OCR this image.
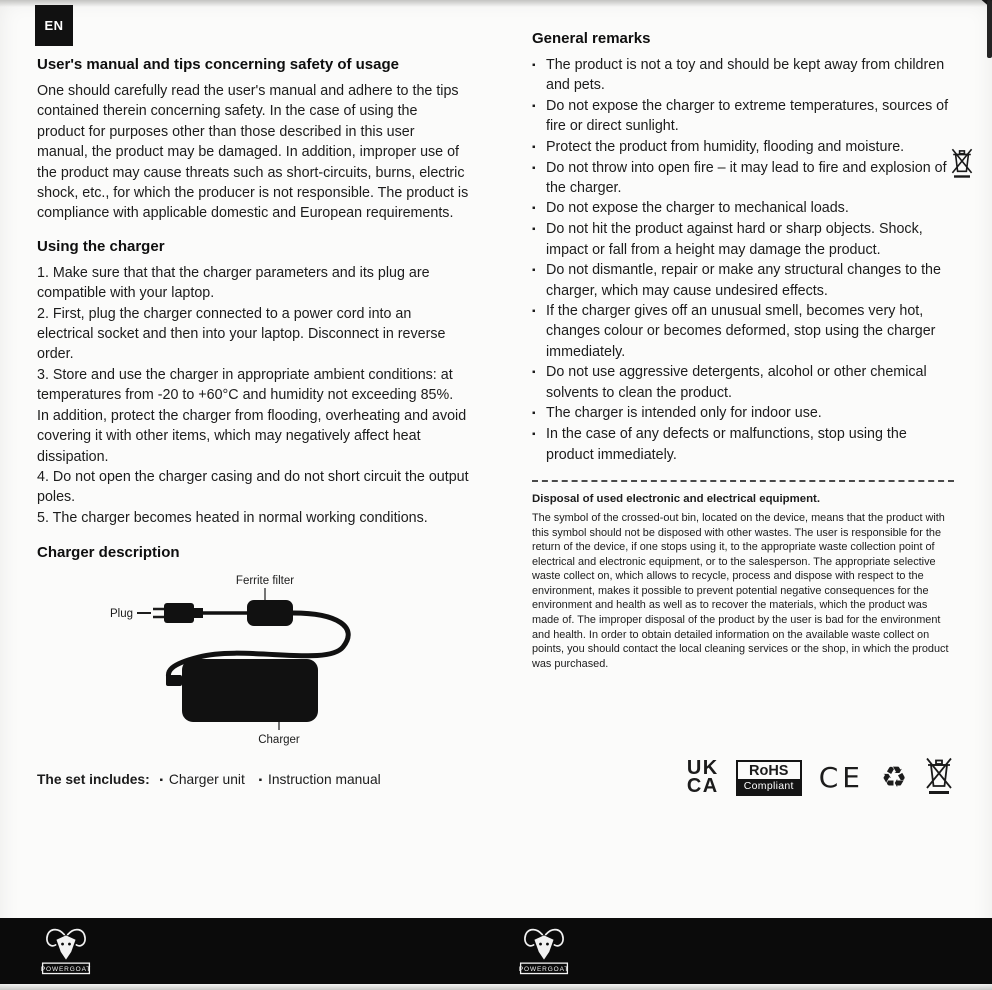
EN
User's manual and tips concerning safety of usage

One should carefully read the user's manual and adhere to the tips contained therein concerning safety. In the case of using the product for purposes other than those described in this user manual, the product may be damaged. In addition, improper use of the product may cause threats such as short-circuits, burns, electric shock, etc., for which the producer is not responsible. The product is compliance with applicable domestic and European requirements.

Using the charger

1. Make sure that that the charger parameters and its plug are compatible with your laptop.

2. First, plug the charger connected to a power cord into an electrical socket and then into your laptop. Disconnect in reverse order.

3. Store and use the charger in appropriate ambient conditions: at temperatures from -20 to +60°C and humidity not exceeding 85%. In addition, protect the charger from flooding, overheating and avoid covering it with other items, which may negatively affect heat dissipation.

4. Do not open the charger casing and do not short circuit the output poles.

5. The charger becomes heated in normal working conditions.

Charger description
Ferrite filter
Plug
Charger

The set includes: ▪ Charger unit ▪ Instruction manual

General remarks
▪ The product is not a toy and should be kept away from children and pets.
▪ Do not expose the charger to extreme temperatures, sources of fire or direct sunlight.
▪ Protect the product from humidity, flooding and moisture.
▪ Do not throw into open fire – it may lead to fire and explosion of the charger.
▪ Do not expose the charger to mechanical loads.
▪ Do not hit the product against hard or sharp objects. Shock, impact or fall from a height may damage the product.
▪ Do not dismantle, repair or make any structural changes to the charger, which may cause undesired effects.
▪ If the charger gives off an unusual smell, becomes very hot, changes colour or becomes deformed, stop using the charger immediately.
▪ Do not use aggressive detergents, alcohol or other chemical solvents to clean the product.
▪ The charger is intended only for indoor use.
▪ In the case of any defects or malfunctions, stop using the product immediately.

Disposal of used electronic and electrical equipment.

The symbol of the crossed-out bin, located on the device, means that the product with this symbol should not be disposed with other wastes. The user is responsible for the return of the device, if one stops using it, to the appropriate waste collection point of electrical and electronic equipment, or to the salesperson. The appropriate selective waste collect on, which allows to recycle, process and dispose with respect to the environment, makes it possible to prevent potential negative consequences for the environment and health as well as to recover the materials, which the product was made of. The improper disposal of the product by the user is bad for the environment and health. In order to obtain detailed information on the available waste collect on points, you should contact the local cleaning services or the shop, in which the product was purchased.

UK
CA
RoHS
Compliant CE
♻
POWERGOAT	POWERGOAT
